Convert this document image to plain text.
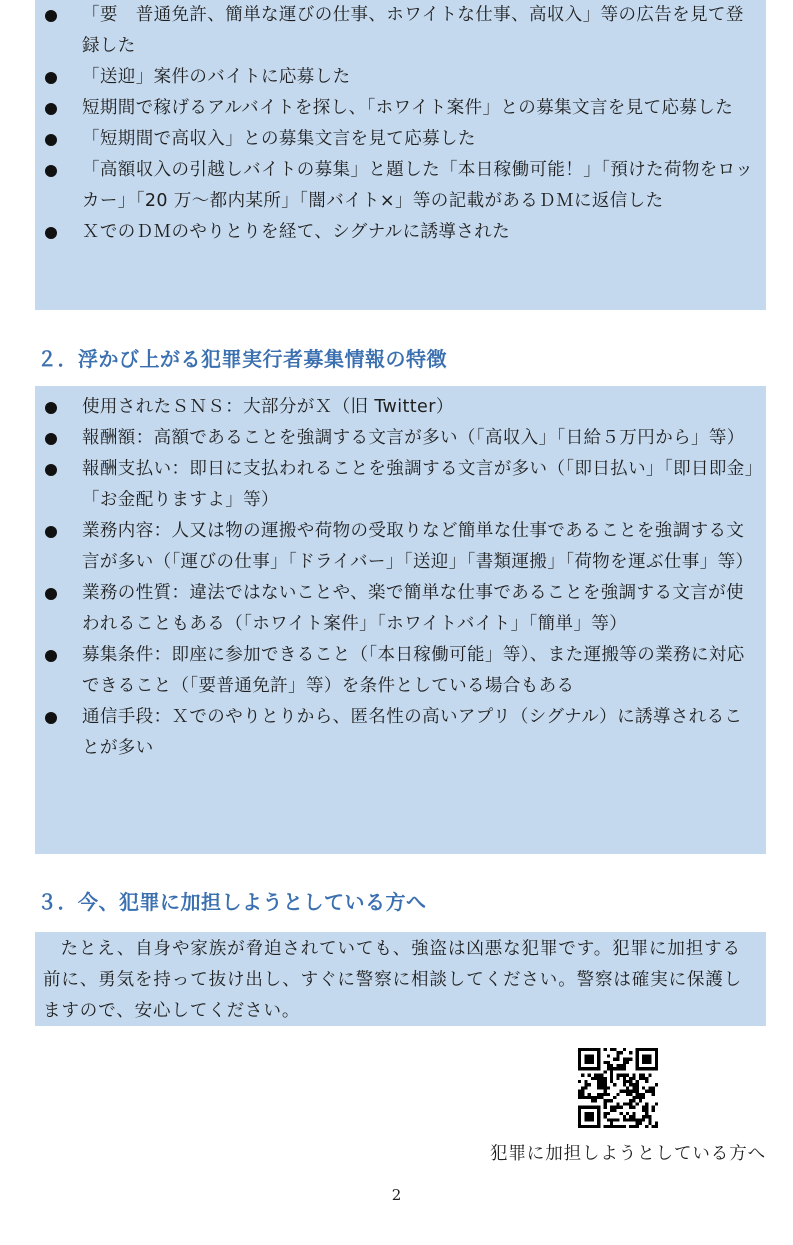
「要　普通免許、簡単な運びの仕事、ホワイトな仕事、高収入」等の広告を見て登録した
「送迎」案件のバイトに応募した
短期間で稼げるアルバイトを探し、「ホワイト案件」との募集文言を見て応募した
「短期間で高収入」との募集文言を見て応募した
「高額収入の引越しバイトの募集」と題した「本日稼働可能！」「預けた荷物をロッカー」「20 万～都内某所」「闇バイト×」等の記載があるＤＭに返信した
ＸでのＤＭのやりとりを経て、シグナルに誘導された
２．浮かび上がる犯罪実行者募集情報の特徴
使用されたＳＮＳ：大部分がＸ（旧 Twitter）
報酬額：高額であることを強調する文言が多い（「高収入」「日給５万円から」等）
報酬支払い：即日に支払われることを強調する文言が多い（「即日払い」「即日即金」「お金配りますよ」等）
業務内容：人又は物の運搬や荷物の受取りなど簡単な仕事であることを強調する文言が多い（「運びの仕事」「ドライバー」「送迎」「書類運搬」「荷物を運ぶ仕事」等）
業務の性質：違法ではないことや、楽で簡単な仕事であることを強調する文言が使われることもある（「ホワイト案件」「ホワイトバイト」「簡単」等）
募集条件：即座に参加できること（「本日稼働可能」等）、また運搬等の業務に対応できること（「要普通免許」等）を条件としている場合もある
通信手段：Ｘでのやりとりから、匿名性の高いアプリ（シグナル）に誘導されることが多い
３．今、犯罪に加担しようとしている方へ

たとえ、自身や家族が脅迫されていても、強盗は凶悪な犯罪です。犯罪に加担する前に、勇気を持って抜け出し、すぐに警察に相談してください。警察は確実に保護しますので、安心してください。

犯罪に加担しようとしている方へ
2
